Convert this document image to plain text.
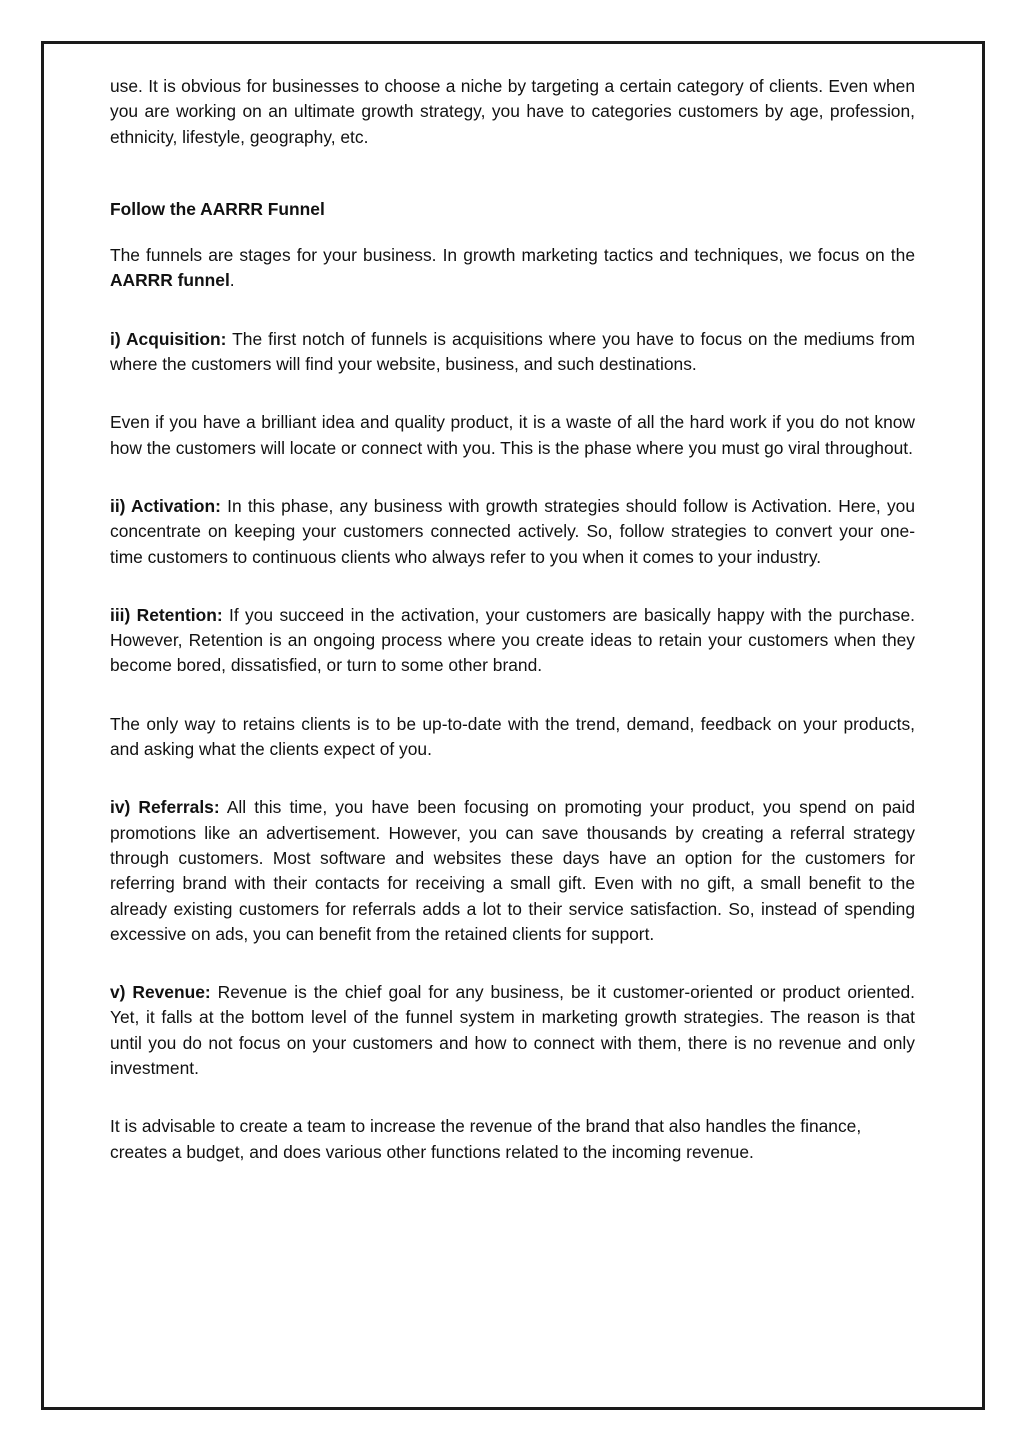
use. It is obvious for businesses to choose a niche by targeting a certain category of clients. Even when you are working on an ultimate growth strategy, you have to categories customers by age, profession, ethnicity, lifestyle, geography, etc.

Follow the AARRR Funnel

The funnels are stages for your business. In growth marketing tactics and techniques, we focus on the AARRR funnel.

i) Acquisition: The first notch of funnels is acquisitions where you have to focus on the mediums from where the customers will find your website, business, and such destinations.

Even if you have a brilliant idea and quality product, it is a waste of all the hard work if you do not know how the customers will locate or connect with you. This is the phase where you must go viral throughout.

ii) Activation: In this phase, any business with growth strategies should follow is Activation. Here, you concentrate on keeping your customers connected actively. So, follow strategies to convert your one-time customers to continuous clients who always refer to you when it comes to your industry.

iii) Retention: If you succeed in the activation, your customers are basically happy with the purchase. However, Retention is an ongoing process where you create ideas to retain your customers when they become bored, dissatisfied, or turn to some other brand.

The only way to retains clients is to be up-to-date with the trend, demand, feedback on your products, and asking what the clients expect of you.

iv) Referrals: All this time, you have been focusing on promoting your product, you spend on paid promotions like an advertisement. However, you can save thousands by creating a referral strategy through customers. Most software and websites these days have an option for the customers for referring brand with their contacts for receiving a small gift. Even with no gift, a small benefit to the already existing customers for referrals adds a lot to their service satisfaction. So, instead of spending excessive on ads, you can benefit from the retained clients for support.

v) Revenue: Revenue is the chief goal for any business, be it customer-oriented or product oriented. Yet, it falls at the bottom level of the funnel system in marketing growth strategies. The reason is that until you do not focus on your customers and how to connect with them, there is no revenue and only investment.

It is advisable to create a team to increase the revenue of the brand that also handles the finance, creates a budget, and does various other functions related to the incoming revenue.
